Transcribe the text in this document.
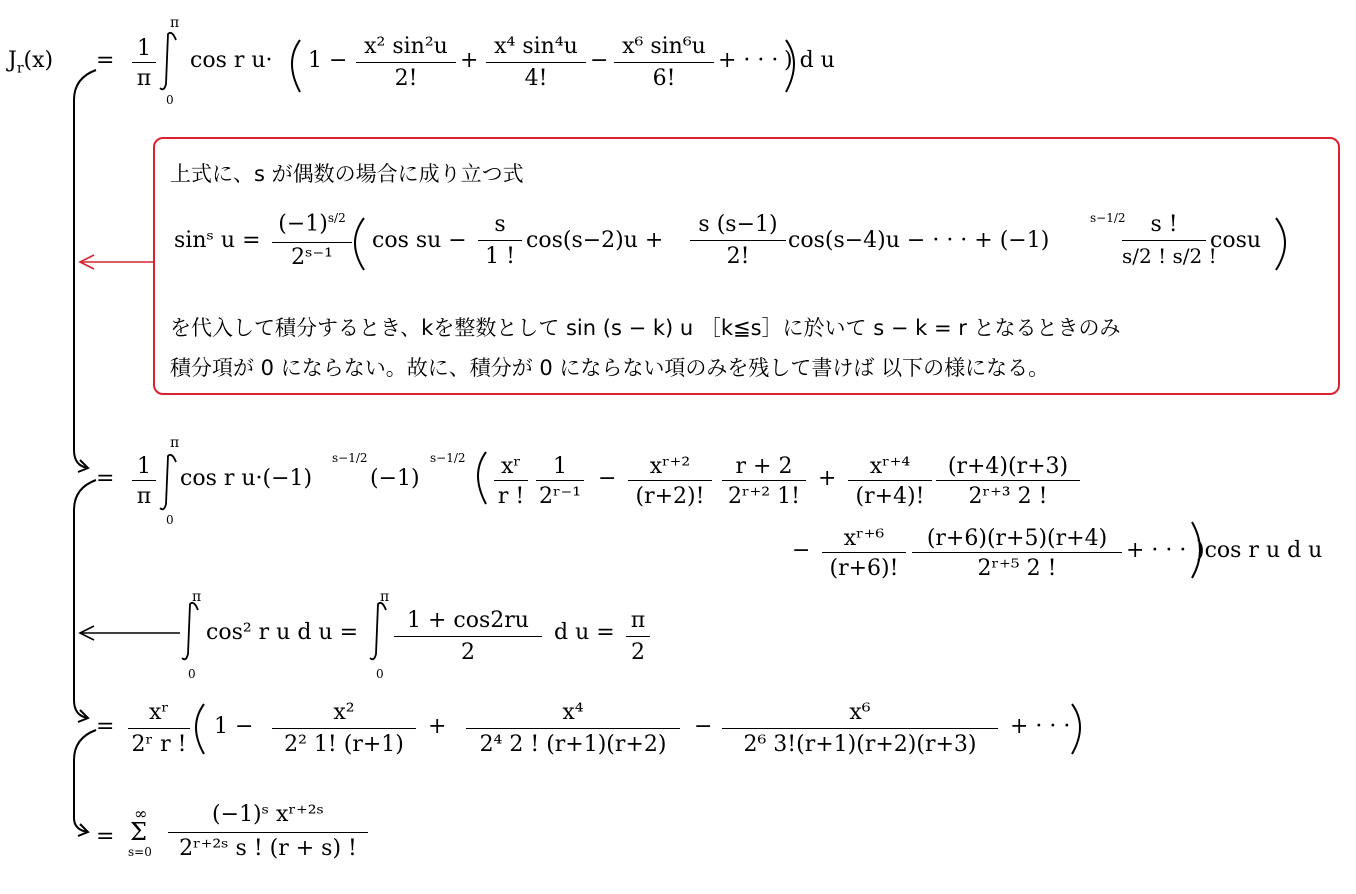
$J_r(x) = 1$
π
π
0
cos r u· 1 −
x² sin²u
2!
+
x⁴ sin⁴u
4!
−
x⁶ sin⁶u
6!
+ · · · ) d u
上式に、s が偶数の場合に成り立つ式
sinˢ u =
$(-1)^{s/2}$
2ˢ⁻¹
cos su −
s
1 !
cos(s−2)u +
s (s−1)
2!
cos(s−4)u − · · · + (−1)
s−1/2	s !
s/2 ! s/2 !
cosu
を代入して積分するとき、kを整数として sin (s − k) u ［k≦s］に於いて s − k = r となるときのみ
積分項が 0 にならない。故に、積分が 0 にならない項のみを残して書けば 以下の様になる。
= 1
π
π
0
cos r u·(−1)
s−1/2
(−1)
s−1/2	xʳ
r !
1
2ʳ⁻¹
−	xʳ⁺²
(r+2)!
r + 2
2ʳ⁺² 1!
+	xʳ⁺⁴
(r+4)!
(r+4)(r+3)
2ʳ⁺³ 2 !
−	xʳ⁺⁶
(r+6)!
(r+6)(r+5)(r+4)
2ʳ⁺⁵ 2 !
+ · · · )cos r u d u
π
0
cos² r u d u =
π
0
1 + cos2ru
2
d u = π
2
=
xʳ
2ʳ r !
1 −
x²
2² 1! (r+1)
+
x⁴
2⁴ 2 ! (r+1)(r+2)
−
x⁶
2⁶ 3!(r+1)(r+2)(r+3)
+ · · ·
=
∞
Σ
s=0
(−1)ˢ xʳ⁺²ˢ
2ʳ⁺²ˢ s ! (r + s) !
